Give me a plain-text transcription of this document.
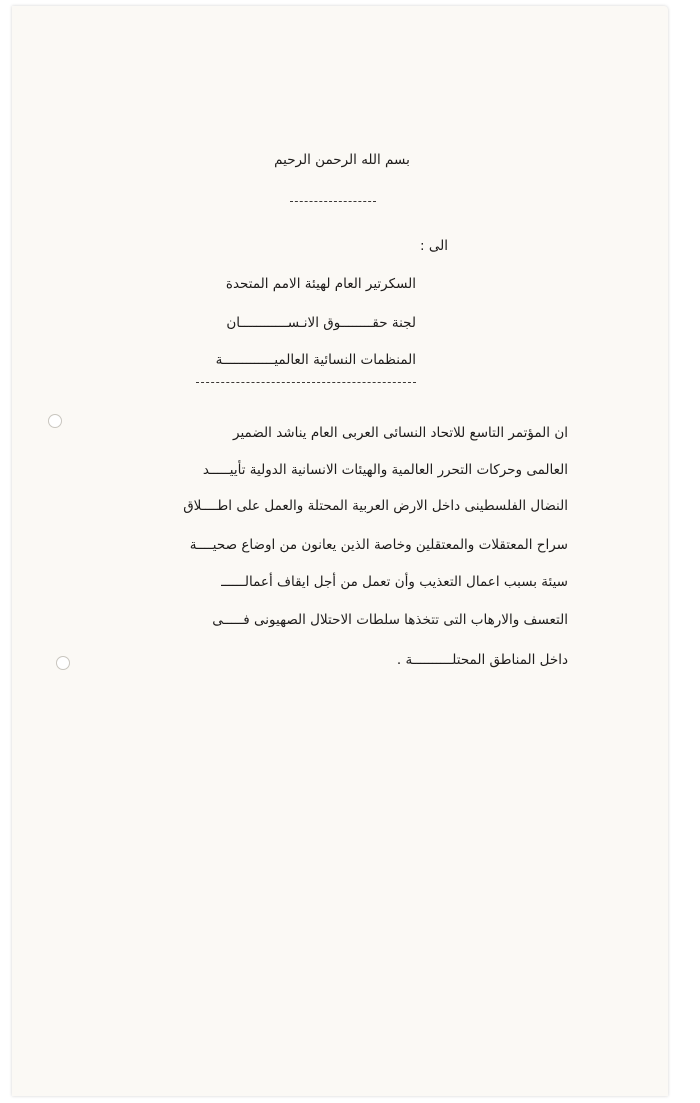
بسم الله الرحمن الرحيم
الى :
السكرتير العام لهيئة الامم المتحدة
لجنة حقــــــــوق الانـســــــــــــان
المنظمات النسائية العالميـــــــــــــة
ان المؤتمر التاسع للاتحاد النسائى العربى العام يناشد الضمير
العالمى وحركات التحرر العالمية والهيئات الانسانية الدولية تأييـــــد
النضال الفلسطينى داخل الارض العربية المحتلة والعمل على اطــــلاق
سراح المعتقلات والمعتقلين وخاصة الذين يعانون من اوضاع صحيــــة
سيئة بسبب اعمال التعذيب وأن تعمل من أجل ايقاف أعمالــــــ
التعسف والارهاب التى تتخذها سلطات الاحتلال الصهيونى فـــــى
داخل المناطق المحتلــــــــــة .
